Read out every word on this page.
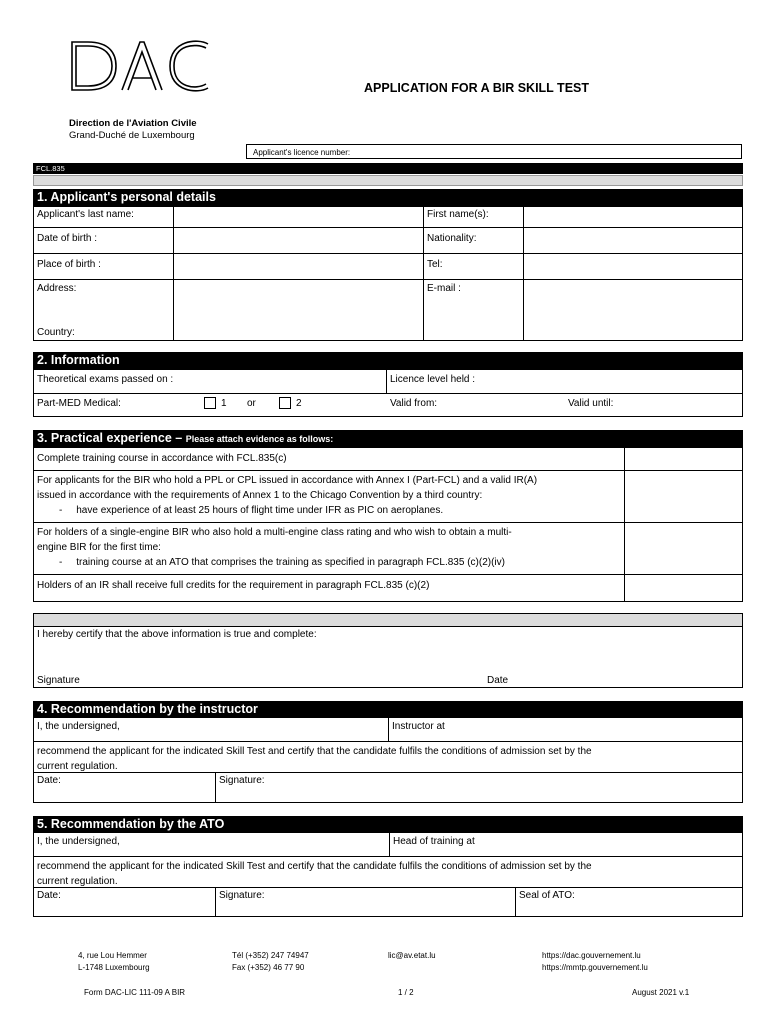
Direction de l'Aviation Civile
Grand-Duché de Luxembourg
APPLICATION FOR A BIR SKILL TEST
Applicant's licence number:
FCL.835
1. Applicant's personal details
Applicant's last name:	First name(s):
Date of birth :	Nationality:
Place of birth :	Tel:
Address:
Country:
E-mail :
2. Information
Theoretical exams passed on :	Licence level held :
Part-MED Medical:	1 or	2	Valid from:	Valid until:
3. Practical experience – Please attach evidence as follows:
Complete training course in accordance with FCL.835(c)
For applicants for the BIR who hold a PPL or CPL issued in accordance with Annex I (Part-FCL) and a valid IR(A)
issued in accordance with the requirements of Annex 1 to the Chicago Convention by a third country:
- have experience of at least 25 hours of flight time under IFR as PIC on aeroplanes.
For holders of a single-engine BIR who also hold a multi-engine class rating and who wish to obtain a multi-
engine BIR for the first time:
- training course at an ATO that comprises the training as specified in paragraph FCL.835 (c)(2)(iv)
Holders of an IR shall receive full credits for the requirement in paragraph FCL.835 (c)(2)
I hereby certify that the above information is true and complete:
Signature	Date
4. Recommendation by the instructor
I, the undersigned,	Instructor at
recommend the applicant for the indicated Skill Test and certify that the candidate fulfils the conditions of admission set by the
current regulation.
Date:	Signature:
5. Recommendation by the ATO
I, the undersigned,	Head of training at
recommend the applicant for the indicated Skill Test and certify that the candidate fulfils the conditions of admission set by the
current regulation.
Date:	Signature:	Seal of ATO:
4, rue Lou Hemmer
L-1748 Luxembourg
Tél (+352) 247 74947
Fax (+352) 46 77 90
lic@av.etat.lu	https://dac.gouvernement.lu
https://mmtp.gouvernement.lu
Form DAC-LIC 111-09 A BIR	1 / 2	August 2021 v.1
